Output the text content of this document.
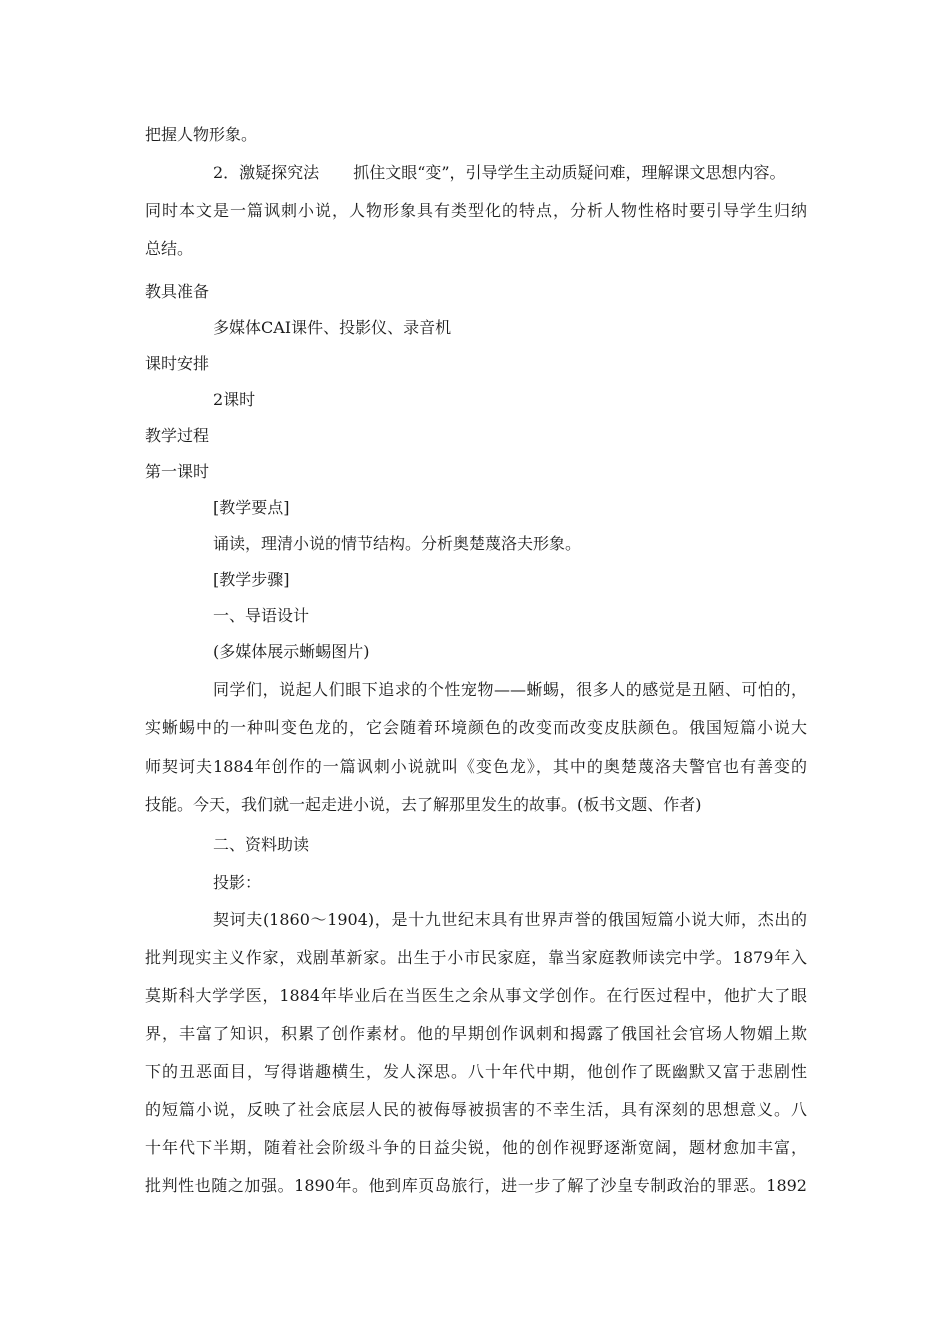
把握人物形象。
2．激疑探究法 抓住文眼“变”，引导学生主动质疑问难，理解课文思想内容。
同时本文是一篇讽刺小说，人物形象具有类型化的特点，分析人物性格时要引导学生归纳
总结。
教具准备
多媒体CAI课件、投影仪、录音机
课时安排
2课时
教学过程
第一课时
[教学要点]
诵读，理清小说的情节结构。分析奥楚蔑洛夫形象。
[教学步骤]
一、导语设计
(多媒体展示蜥蜴图片)
同学们，说起人们眼下追求的个性宠物——蜥蜴，很多人的感觉是丑陋、可怕的，
实蜥蜴中的一种叫变色龙的，它会随着环境颜色的改变而改变皮肤颜色。俄国短篇小说大
师契诃夫1884年创作的一篇讽刺小说就叫《变色龙》，其中的奥楚蔑洛夫警官也有善变的
技能。今天，我们就一起走进小说，去了解那里发生的故事。(板书文题、作者)
二、资料助读
投影：
契诃夫(1860～1904)，是十九世纪末具有世界声誉的俄国短篇小说大师，杰出的
批判现实主义作家，戏剧革新家。出生于小市民家庭，靠当家庭教师读完中学。1879年入
莫斯科大学学医，1884年毕业后在当医生之余从事文学创作。在行医过程中，他扩大了眼
界，丰富了知识，积累了创作素材。他的早期创作讽刺和揭露了俄国社会官场人物媚上欺
下的丑恶面目，写得谐趣横生，发人深思。八十年代中期，他创作了既幽默又富于悲剧性
的短篇小说，反映了社会底层人民的被侮辱被损害的不幸生活，具有深刻的思想意义。八
十年代下半期，随着社会阶级斗争的日益尖锐，他的创作视野逐渐宽阔，题材愈加丰富，
批判性也随之加强。1890年。他到库页岛旅行，进一步了解了沙皇专制政治的罪恶。1892
